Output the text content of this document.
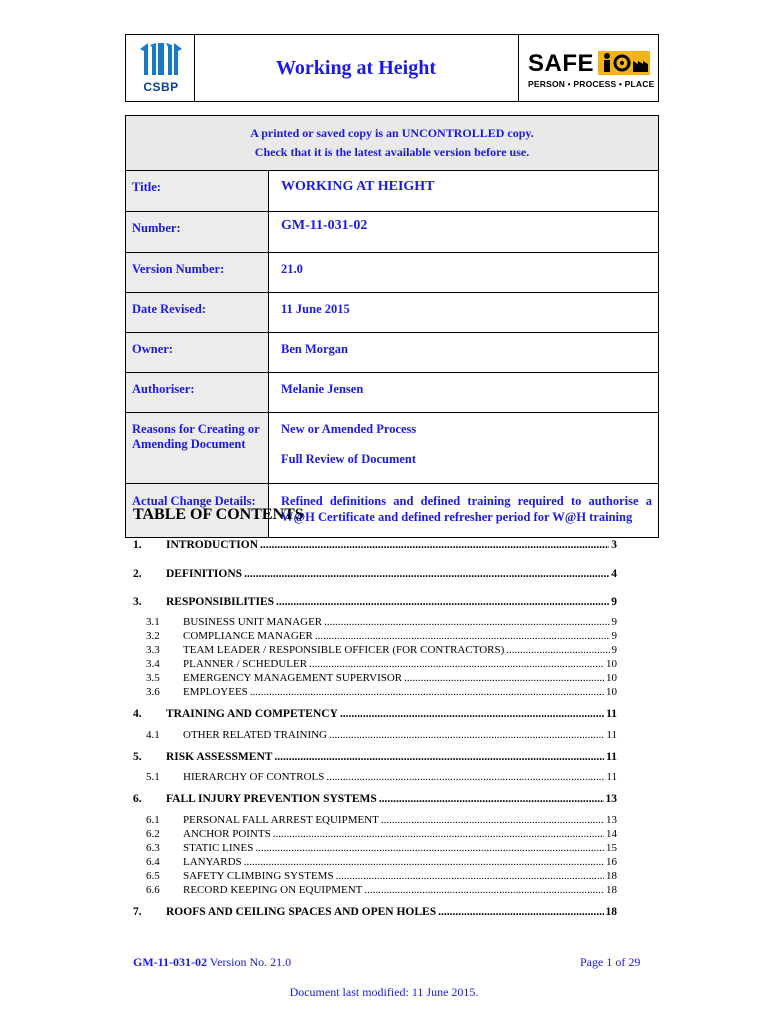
CSBP
Working at Height	SAFE
PERSON • PROCESS • PLACE
A printed or saved copy is an UNCONTROLLED copy.
Check that it is the latest available version before use.	

Title:	WORKING AT HEIGHT
Number:	GM-11-031-02
Version Number:	21.0
Date Revised:	11 June 2015
Owner:	Ben Morgan
Authoriser:	Melanie Jensen
Reasons for Creating or Amending Document	New or Amended Process
Full Review of Document

Actual Change Details:	Refined definitions and defined training required to authorise a W@H Certificate and defined refresher period for W@H training
TABLE OF CONTENTS
1.	INTRODUCTION .....	3
2.	DEFINITIONS .....	4
3.	RESPONSIBILITIES .....	9
3.1	BUSINESS UNIT MANAGER .....	9
3.2	COMPLIANCE MANAGER .....	9
3.3	TEAM LEADER / RESPONSIBLE OFFICER (FOR CONTRACTORS) .....	9
3.4	PLANNER / SCHEDULER .....	10
3.5	EMERGENCY MANAGEMENT SUPERVISOR .....	10
3.6	EMPLOYEES .....	10
4.	TRAINING AND COMPETENCY .....	11
4.1	OTHER RELATED TRAINING .....	11
5.	RISK ASSESSMENT .....	11
5.1	HIERARCHY OF CONTROLS .....	11
6.	FALL INJURY PREVENTION SYSTEMS .....	13
6.1	PERSONAL FALL ARREST EQUIPMENT .....	13
6.2	ANCHOR POINTS .....	14
6.3	STATIC LINES .....	15
6.4	LANYARDS .....	16
6.5	SAFETY CLIMBING SYSTEMS .....	18
6.6	RECORD KEEPING ON EQUIPMENT .....	18
7.	ROOFS AND CEILING SPACES AND OPEN HOLES .....	18
GM-11-031-02 Version No. 21.0	Page 1 of 29
Document last modified: 11 June 2015.
